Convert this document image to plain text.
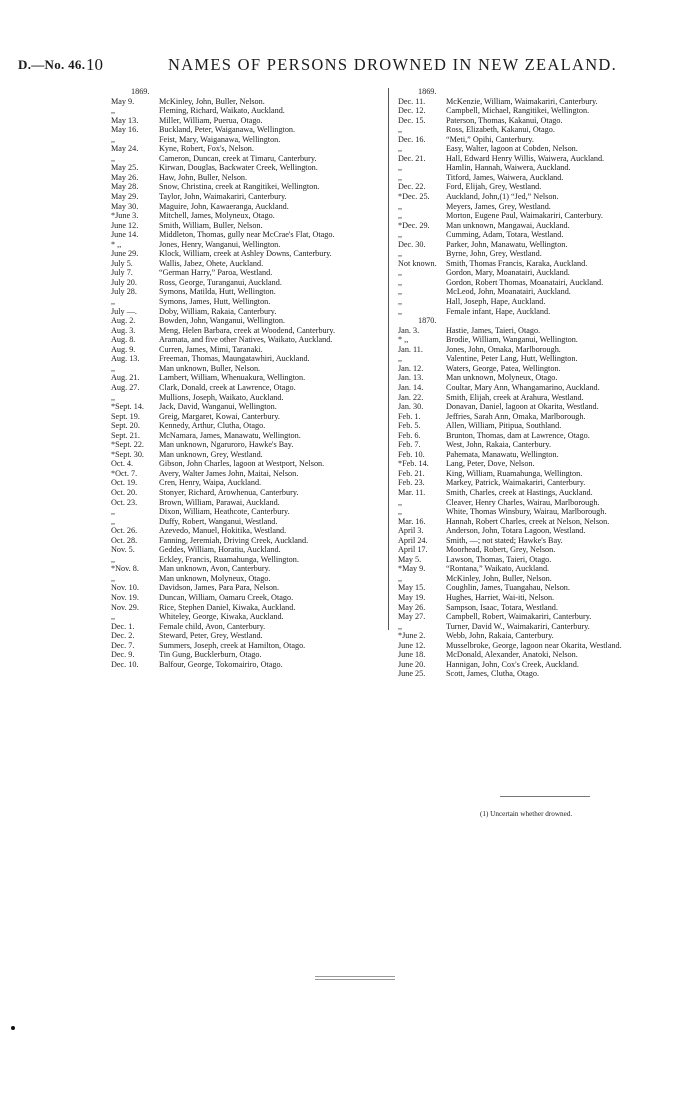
D.—No. 46. 10	NAMES OF PERSONS DROWNED IN NEW ZEALAND.
1869.
May 9.	McKinley, John, Buller, Nelson.
,,	Fleming, Richard, Waikato, Auckland.
May 13.	Miller, William, Puerua, Otago.
May 16.	Buckland, Peter, Waiganawa, Wellington.
,,	Feist, Mary, Waiganawa, Wellington.
May 24.	Kyne, Robert, Fox's, Nelson.
,,	Cameron, Duncan, creek at Timaru, Canterbury.
May 25.	Kirwan, Douglas, Backwater Creek, Wellington.
May 26.	Haw, John, Buller, Nelson.
May 28.	Snow, Christina, creek at Rangitikei, Wellington.
May 29.	Taylor, John, Waimakariri, Canterbury.
May 30.	Maguire, John, Kawaeranga, Auckland.
*June 3.	Mitchell, James, Molyneux, Otago.
June 12.	Smith, William, Buller, Nelson.
June 14.	Middleton, Thomas, gully near McCrae's Flat, Otago.
* ,,	Jones, Henry, Wanganui, Wellington.
June 29.	Klock, William, creek at Ashley Downs, Canterbury.
July 5.	Wallis, Jabez, Ohete, Auckland.
July 7.	“German Harry,” Paroa, Westland.
July 20.	Ross, George, Turanganui, Auckland.
July 28.	Symons, Matilda, Hutt, Wellington.
,,	Symons, James, Hutt, Wellington.
July —.	Doby, William, Rakaia, Canterbury.
Aug. 2.	Bowden, John, Wanganui, Wellington.
Aug. 3.	Meng, Helen Barbara, creek at Woodend, Canterbury.
Aug. 8.	Aramata, and five other Natives, Waikato, Auckland.
Aug. 9.	Curren, James, Mimi, Taranaki.
Aug. 13.	Freeman, Thomas, Maungatawhiri, Auckland.
,,	Man unknown, Buller, Nelson.
Aug. 21.	Lambert, William, Whenuakura, Wellington.
Aug. 27.	Clark, Donald, creek at Lawrence, Otago.
,,	Mullions, Joseph, Waikato, Auckland.
*Sept. 14.	Jack, David, Wanganui, Wellington.
Sept. 19.	Greig, Margaret, Kowai, Canterbury.
Sept. 20.	Kennedy, Arthur, Clutha, Otago.
Sept. 21.	McNamara, James, Manawatu, Wellington.
*Sept. 22.	Man unknown, Ngaruroro, Hawke's Bay.
*Sept. 30.	Man unknown, Grey, Westland.
Oct. 4.	Gibson, John Charles, lagoon at Westport, Nelson.
*Oct. 7.	Avery, Walter James John, Maitai, Nelson.
Oct. 19.	Cren, Henry, Waipa, Auckland.
Oct. 20.	Stonyer, Richard, Arowhenua, Canterbury.
Oct. 23.	Brown, William, Parawai, Auckland.
,,	Dixon, William, Heathcote, Canterbury.
,,	Duffy, Robert, Wanganui, Westland.
Oct. 26.	Azevedo, Manuel, Hokitika, Westland.
Oct. 28.	Fanning, Jeremiah, Driving Creek, Auckland.
Nov. 5.	Geddes, William, Horatiu, Auckland.
,,	Eckley, Francis, Ruamahunga, Wellington.
*Nov. 8.	Man unknown, Avon, Canterbury.
,,	Man unknown, Molyneux, Otago.
Nov. 10.	Davidson, James, Para Para, Nelson.
Nov. 19.	Duncan, William, Oamaru Creek, Otago.
Nov. 29.	Rice, Stephen Daniel, Kiwaka, Auckland.
,,	Whiteley, George, Kiwaka, Auckland.
Dec. 1.	Female child, Avon, Canterbury.
Dec. 2.	Steward, Peter, Grey, Westland.
Dec. 7.	Summers, Joseph, creek at Hamilton, Otago.
Dec. 9.	Tin Gung, Bucklerburn, Otago.
Dec. 10.	Balfour, George, Tokomairiro, Otago.
1869.
Dec. 11.	McKenzie, William, Waimakariri, Canterbury.
Dec. 12.	Campbell, Michael, Rangitikei, Wellington.
Dec. 15.	Paterson, Thomas, Kakanui, Otago.
,,	Ross, Elizabeth, Kakanui, Otago.
Dec. 16.	“Meti,” Opihi, Canterbury.
,,	Easy, Walter, lagoon at Cobden, Nelson.
Dec. 21.	Hall, Edward Henry Willis, Waiwera, Auckland.
,,	Hamlin, Hannah, Waiwera, Auckland.
,,	Titford, James, Waiwera, Auckland.
Dec. 22.	Ford, Elijah, Grey, Westland.
*Dec. 25.	Auckland, John,(1) “Jed,” Nelson.
,,	Meyers, James, Grey, Westland.
,,	Morton, Eugene Paul, Waimakariri, Canterbury.
*Dec. 29.	Man unknown, Mangawai, Auckland.
,,	Cumming, Adam, Totara, Westland.
Dec. 30.	Parker, John, Manawatu, Wellington.
,,	Byrne, John, Grey, Westland.
Not known.	Smith, Thomas Francis, Karaka, Auckland.
,,	Gordon, Mary, Moanatairi, Auckland.
,,	Gordon, Robert Thomas, Moanatairi, Auckland.
,,	McLeod, John, Moanatairi, Auckland.
,,	Hall, Joseph, Hape, Auckland.
,,	Female infant, Hape, Auckland.
1870.
Jan. 3.	Hastie, James, Taieri, Otago.
* ,,	Brodie, William, Wanganui, Wellington.
Jan. 11.	Jones, John, Omaka, Marlborough.
,,	Valentine, Peter Lang, Hutt, Wellington.
Jan. 12.	Waters, George, Patea, Wellington.
Jan. 13.	Man unknown, Molyneux, Otago.
Jan. 14.	Coultar, Mary Ann, Whangamarino, Auckland.
Jan. 22.	Smith, Elijah, creek at Arahura, Westland.
Jan. 30.	Donavan, Daniel, lagoon at Okarita, Westland.
Feb. 1.	Jeffries, Sarah Ann, Omaka, Marlborough.
Feb. 5.	Allen, William, Pitipua, Southland.
Feb. 6.	Brunton, Thomas, dam at Lawrence, Otago.
Feb. 7.	West, John, Rakaia, Canterbury.
Feb. 10.	Pahemata, Manawatu, Wellington.
*Feb. 14.	Lang, Peter, Dove, Nelson.
Feb. 21.	King, William, Ruamahunga, Wellington.
Feb. 23.	Markey, Patrick, Waimakariri, Canterbury.
Mar. 11.	Smith, Charles, creek at Hastings, Auckland.
,,	Cleaver, Henry Charles, Wairau, Marlborough.
,,	White, Thomas Winsbury, Wairau, Marlborough.
Mar. 16.	Hannah, Robert Charles, creek at Nelson, Nelson.
April 3.	Anderson, John, Totara Lagoon, Westland.
April 24.	Smith, —; not stated; Hawke's Bay.
April 17.	Moorhead, Robert, Grey, Nelson.
May 5.	Lawson, Thomas, Taieri, Otago.
*May 9.	“Rontana,” Waikato, Auckland.
,,	McKinley, John, Buller, Nelson.
May 15.	Coughlin, James, Tuangahau, Nelson.
May 19.	Hughes, Harriet, Wai-iti, Nelson.
May 26.	Sampson, Isaac, Totara, Westland.
May 27.	Campbell, Robert, Waimakariri, Canterbury.
,,	Turner, David W., Waimakariri, Canterbury.
*June 2.	Webb, John, Rakaia, Canterbury.
June 12.	Musselbroke, George, lagoon near Okarita, Westland.
June 18.	McDonald, Alexander, Anatoki, Nelson.
June 20.	Hannigan, John, Cox's Creek, Auckland.
June 25.	Scott, James, Clutha, Otago.
(1) Uncertain whether drowned.
